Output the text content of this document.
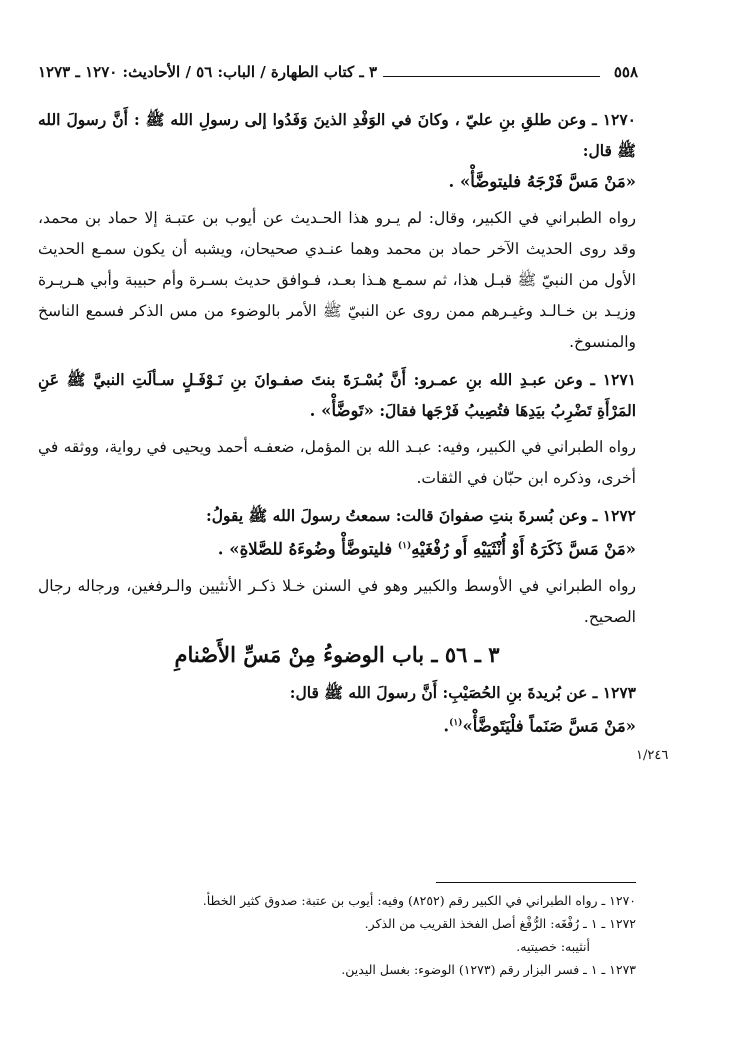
٥٥٨
٣ ـ كتاب الطهارة / الباب: ٥٦ / الأحاديث: ١٢٧٠ ـ ١٢٧٣

١٢٧٠ ـ وعن طلقِ بنِ عليّ ، وكانَ في الوَفْدِ الذينَ وَفَدُوا إلى رسولِ الله ﷺ : أَنَّ رسولَ الله ﷺ قال:

«مَنْ مَسَّ فَرْجَهُ فليتوضَّأْ» .

رواه الطبراني في الكبير، وقال: لم يـرو هذا الحـديث عن أيوب بن عتبـة إلا حماد بن محمد، وقد روى الحديث الآخر حماد بن محمد وهما عنـدي صحيحان، ويشبه أن يكون سمـع الحديث الأول من النبيّ ﷺ قبـل هذا، ثم سمـع هـذا بعـد، فـوافق حديث بسـرة وأم حبيبة وأبي هـريـرة وزيـد بن خـالـد وغيـرهم ممن روى عن النبيّ ﷺ الأمر بالوضوء من مس الذكر فسمع الناسخ والمنسوخ.

١٢٧١ ـ وعن عبـدِ الله بنِ عمـرو: أَنَّ بُسْـرَةَ بنتَ صفـوانَ بنِ نَـوْفَـلٍ سـألَتِ النبيَّ ﷺ عَنِ المَرْأَةِ تَضْرِبُ بيَدِهَا فتُصِيبُ فَرْجَها فقالَ: «تَوضَّأْ» .

رواه الطبراني في الكبير، وفيه: عبـد الله بن المؤمل، ضعفـه أحمد ويحيى في رواية، ووثقه في أخرى، وذكره ابن حبّان في الثقات.

١٢٧٢ ـ وعن بُسرةَ بنتِ صفوانَ قالت: سمعتُ رسولَ الله ﷺ يقولُ:

«مَنْ مَسَّ ذَكَرَهُ أَوْ أُنْثَيَيْهِ أَو رُفْغَيْهِ$^{(١)}$ فليتوضَّأْ وضُوءَهُ للصَّلاةِ» .

رواه الطبراني في الأوسط والكبير وهو في السنن خـلا ذكـر الأنثيين والـرفغين، ورجاله رجال الصحيح.

٣ ـ ٥٦ ـ باب الوضوءُ مِنْ مَسِّ الأَصْنامِ

١٢٧٣ ـ عن بُريدةَ بنِ الحُصَيْبِ: أَنَّ رسولَ الله ﷺ قال:

«مَنْ مَسَّ صَنَماً فلْيَتَوضَّأْ»$^{(١)}$.

١/٢٤٦

١٢٧٠ ـ رواه الطبراني في الكبير رقم (٨٢٥٢) وفيه: أيوب بن عتبة: صدوق كثير الخطأ.

١٢٧٢ ـ ١ ـ رُفْغَه: الرُّفْغ أصل الفخذ القريب من الذكر.

أنثيبه: خصيتيه.

١٢٧٣ ـ ١ ـ فسر البزار رقم (١٢٧٣) الوضوء: بغسل اليدين.
